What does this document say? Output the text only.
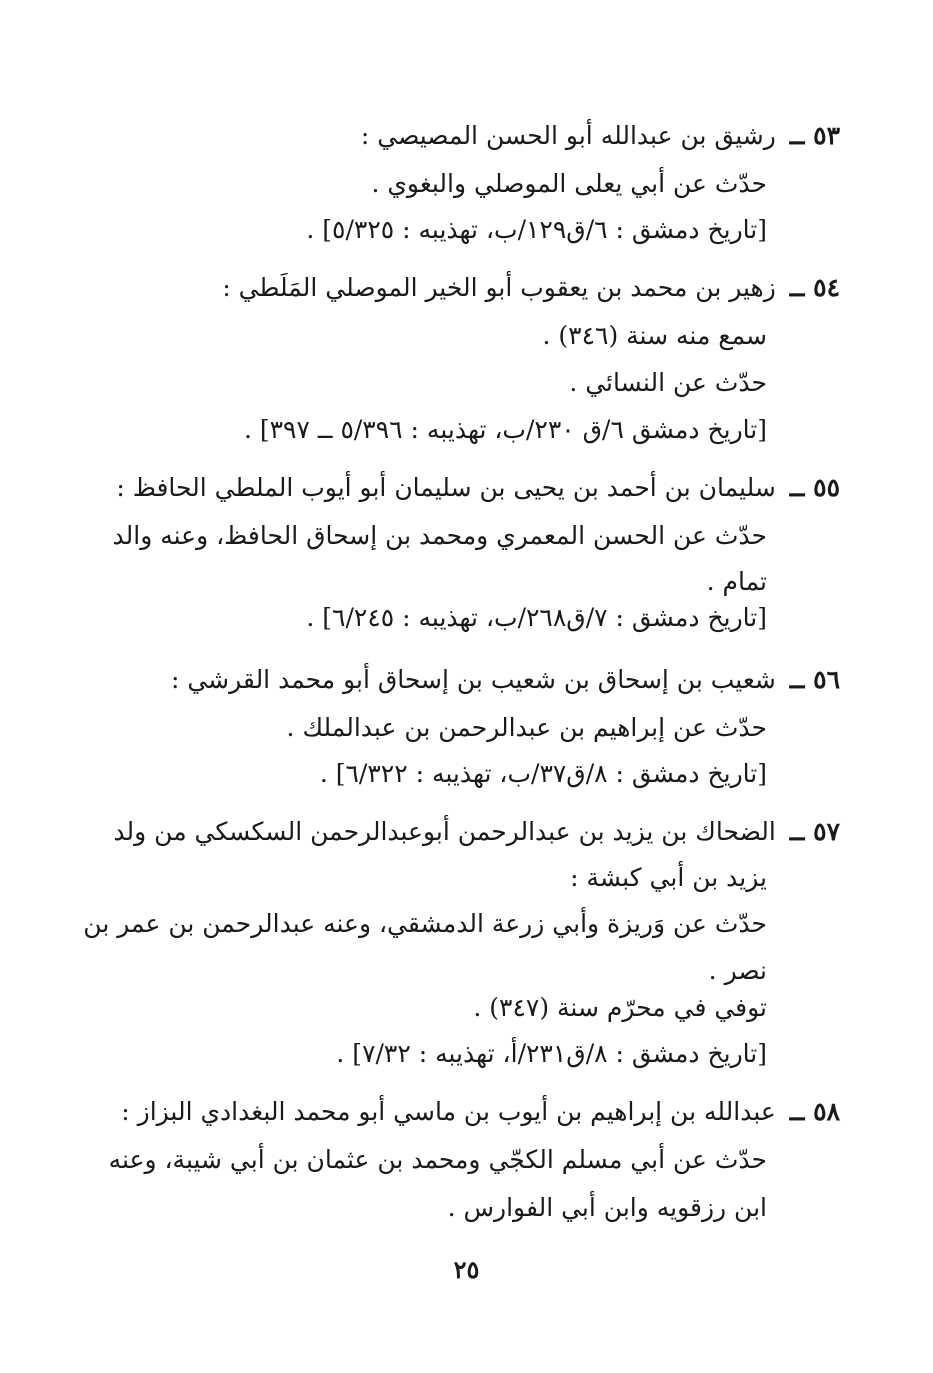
٥٣ ــ رشيق بن عبدالله أبو الحسن المصيصي :
حدّث عن أبي يعلى الموصلي والبغوي .
[تاريخ دمشق : ٦/ق١٢٩/ب، تهذيبه : ٥/٣٢٥] .
٥٤ ــ زهير بن محمد بن يعقوب أبو الخير الموصلي المَلَطي :
سمع منه سنة (٣٤٦) .
حدّث عن النسائي .
[تاريخ دمشق ٦/ق ٢٣٠/ب، تهذيبه : ٥/٣٩٦ ــ ٣٩٧] .
٥٥ ــ سليمان بن أحمد بن يحيى بن سليمان أبو أيوب الملطي الحافظ :
حدّث عن الحسن المعمري ومحمد بن إسحاق الحافظ، وعنه والد
تمام .
[تاريخ دمشق : ٧/ق٢٦٨/ب، تهذيبه : ٦/٢٤٥] .
٥٦ ــ شعيب بن إسحاق بن شعيب بن إسحاق أبو محمد القرشي :
حدّث عن إبراهيم بن عبدالرحمن بن عبدالملك .
[تاريخ دمشق : ٨/ق٣٧/ب، تهذيبه : ٦/٣٢٢] .
٥٧ ــ الضحاك بن يزيد بن عبدالرحمن أبوعبدالرحمن السكسكي من ولد
يزيد بن أبي كبشة :
حدّث عن وَريزة وأبي زرعة الدمشقي، وعنه عبدالرحمن بن عمر بن
نصر .
توفي في محرّم سنة (٣٤٧) .
[تاريخ دمشق : ٨/ق٢٣١/أ، تهذيبه : ٧/٣٢] .
٥٨ ــ عبدالله بن إبراهيم بن أيوب بن ماسي أبو محمد البغدادي البزاز :
حدّث عن أبي مسلم الكجّي ومحمد بن عثمان بن أبي شيبة، وعنه
ابن رزقويه وابن أبي الفوارس .
٢٥
